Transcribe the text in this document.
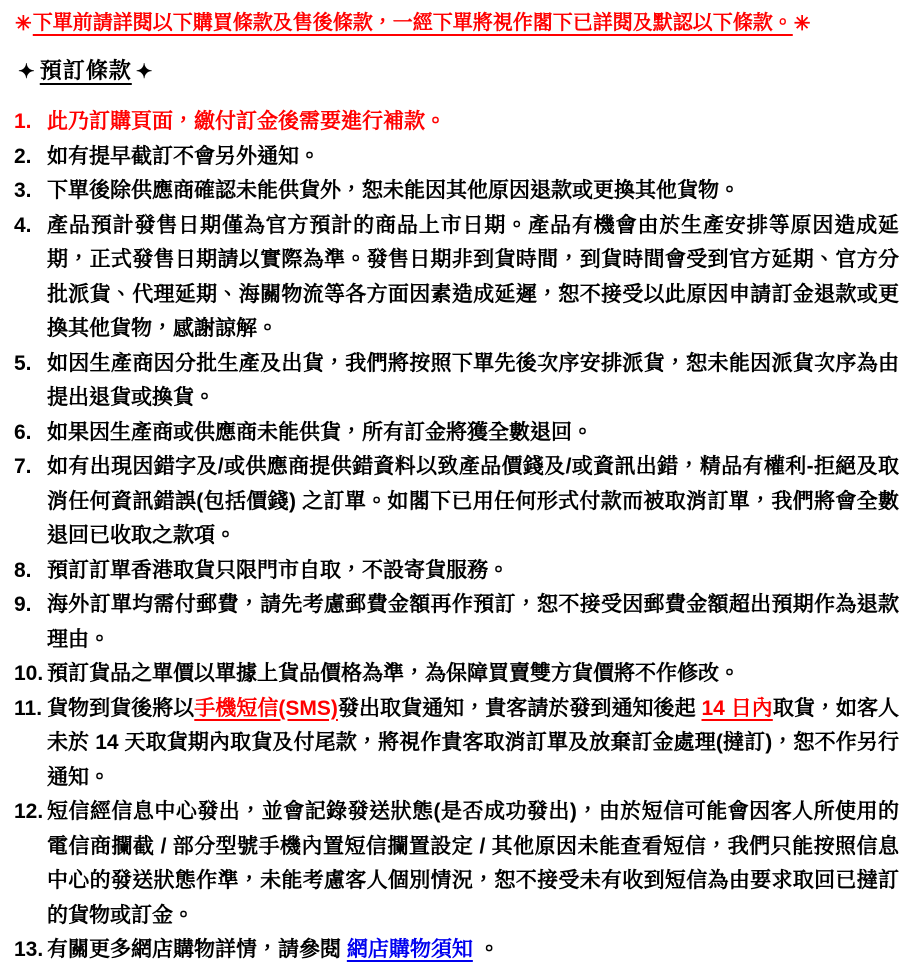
✳下單前請詳閱以下購買條款及售後條款，一經下單將視作閣下已詳閱及默認以下條款。✳
✦ 預訂條款 ✦
1. 此乃訂購頁面，繳付訂金後需要進行補款。
2. 如有提早截訂不會另外通知。
3. 下單後除供應商確認未能供貨外，恕未能因其他原因退款或更換其他貨物。
4. 產品預計發售日期僅為官方預計的商品上市日期。產品有機會由於生產安排等原因造成延期，正式發售日期請以實際為準。發售日期非到貨時間，到貨時間會受到官方延期、官方分批派貨、代理延期、海關物流等各方面因素造成延遲，恕不接受以此原因申請訂金退款或更換其他貨物，感謝諒解。
5. 如因生產商因分批生產及出貨，我們將按照下單先後次序安排派貨，恕未能因派貨次序為由提出退貨或換貨。
6. 如果因生產商或供應商未能供貨，所有訂金將獲全數退回。
7. 如有出現因錯字及/或供應商提供錯資料以致產品價錢及/或資訊出錯，精品有權利-拒絕及取消任何資訊錯誤(包括價錢) 之訂單。如閣下已用任何形式付款而被取消訂單，我們將會全數退回已收取之款項。
8. 預訂訂單香港取貨只限門市自取，不設寄貨服務。
9. 海外訂單均需付郵費，請先考慮郵費金額再作預訂，恕不接受因郵費金額超出預期作為退款理由。
10. 預訂貨品之單價以單據上貨品價格為準，為保障買賣雙方貨價將不作修改。
11. 貨物到貨後將以手機短信(SMS)發出取貨通知，貴客請於發到通知後起 14 日內取貨，如客人未於 14 天取貨期內取貨及付尾款，將視作貴客取消訂單及放棄訂金處理(撻訂)，恕不作另行通知。
12. 短信經信息中心發出，並會記錄發送狀態(是否成功發出)，由於短信可能會因客人所使用的電信商攔截 / 部分型號手機內置短信攔置設定 / 其他原因未能查看短信，我們只能按照信息中心的發送狀態作準，未能考慮客人個別情況，恕不接受未有收到短信為由要求取回已撻訂的貨物或訂金。
13. 有關更多網店購物詳情，請參閱 網店購物須知 。
